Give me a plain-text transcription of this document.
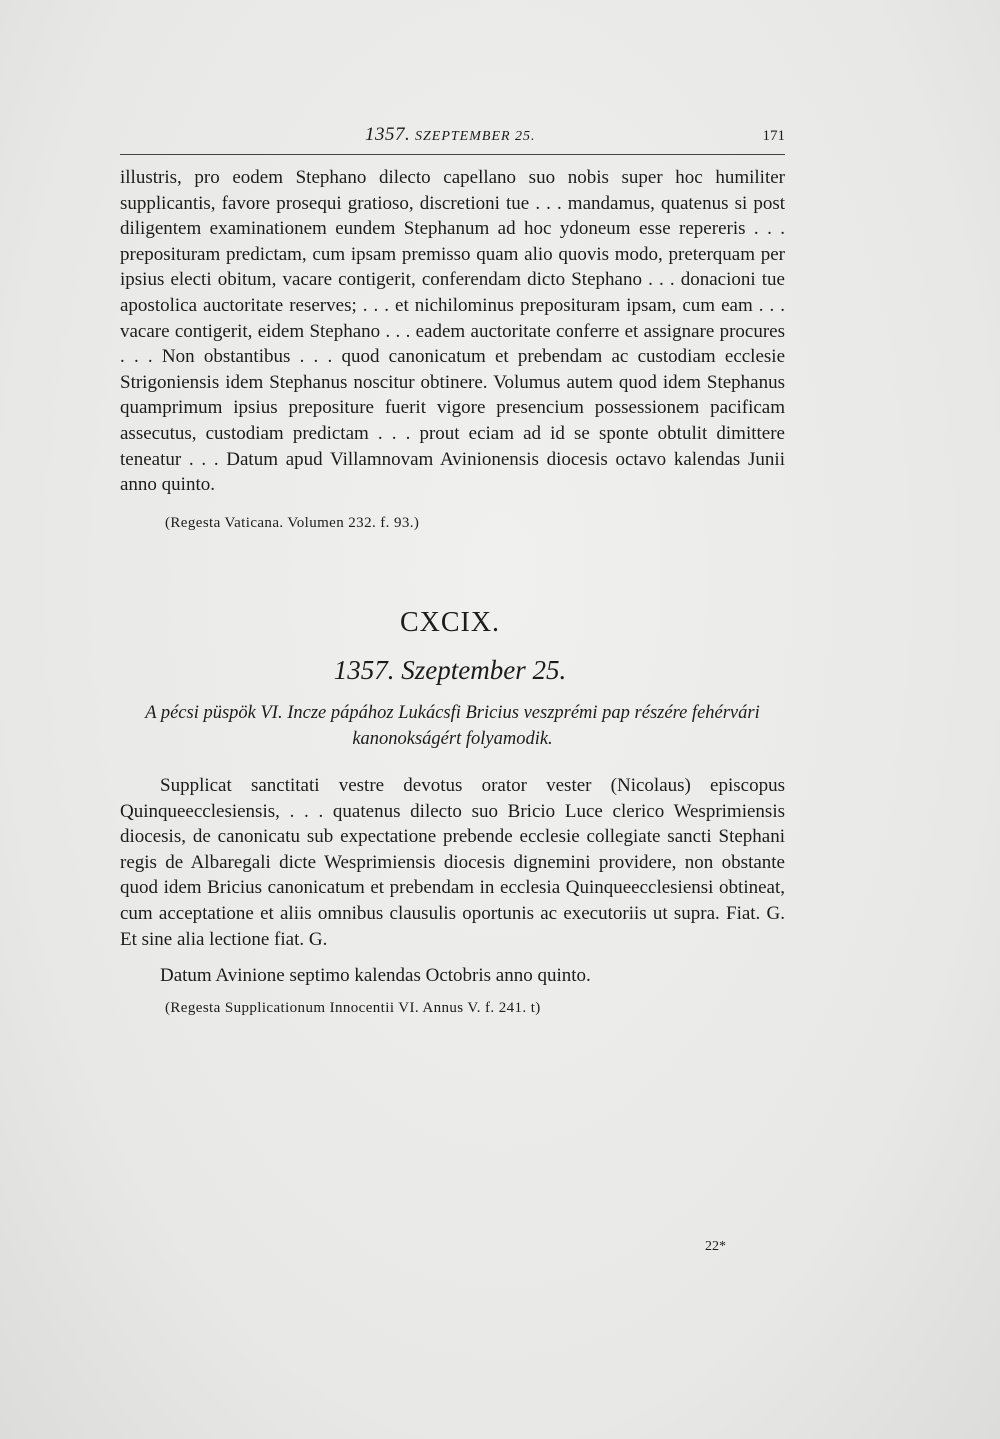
1357. SZEPTEMBER 25.	171

illustris, pro eodem Stephano dilecto capellano suo nobis super hoc humiliter supplicantis, favore prosequi gratioso, discretioni tue . . . mandamus, quatenus si post diligentem examinationem eundem Stephanum ad hoc ydoneum esse repereris . . . prepositurаm predictam, cum ipsam premisso quam alio quovis modo, preterquam per ipsius electi obitum, vacare contigerit, conferendam dicto Stephano . . . donacioni tue apostolica auctoritate reserves; . . . et nichilominus prepositurаm ipsam, cum eam . . . vacare contigerit, eidem Stephano . . . eadem auctoritate conferre et assignare procures . . . Non obstantibus . . . quod canonicatum et prebendam ac custodiam ecclesie Strigoniensis idem Stephanus noscitur obtinere. Volumus autem quod idem Stephanus quamprimum ipsius prepositure fuerit vigore presencium possessionem pacificam assecutus, custodiam predictam . . . prout eciam ad id se sponte obtulit dimittere teneatur . . . Datum apud Villamnovam Avinionensis diocesis octavo kalendas Junii anno quinto.

(Regesta Vaticana. Volumen 232. f. 93.)
CXCIX.
1357. Szeptember 25.
A pécsi püspök VI. Incze pápához Lukácsfi Bricius veszprémi pap részére fehérvári kanonokságért folyamodik.

Supplicat sanctitati vestre devotus orator vester (Nicolaus) episcopus Quinqueecclesiensis, . . . quatenus dilecto suo Bricio Luce clerico Wesprimiensis diocesis, de canonicatu sub expectatione prebende ecclesie collegiate sancti Stephani regis de Albaregali dicte Wesprimiensis diocesis dignemini providere, non obstante quod idem Bricius canonicatum et prebendam in ecclesia Quinqueecclesiensi obtineat, cum acceptatione et aliis omnibus clausulis oportunis ac executoriis ut supra. Fiat. G. Et sine alia lectione fiat. G.

Datum Avinione septimo kalendas Octobris anno quinto.

(Regesta Supplicationum Innocentii VI. Annus V. f. 241. t)
22*
